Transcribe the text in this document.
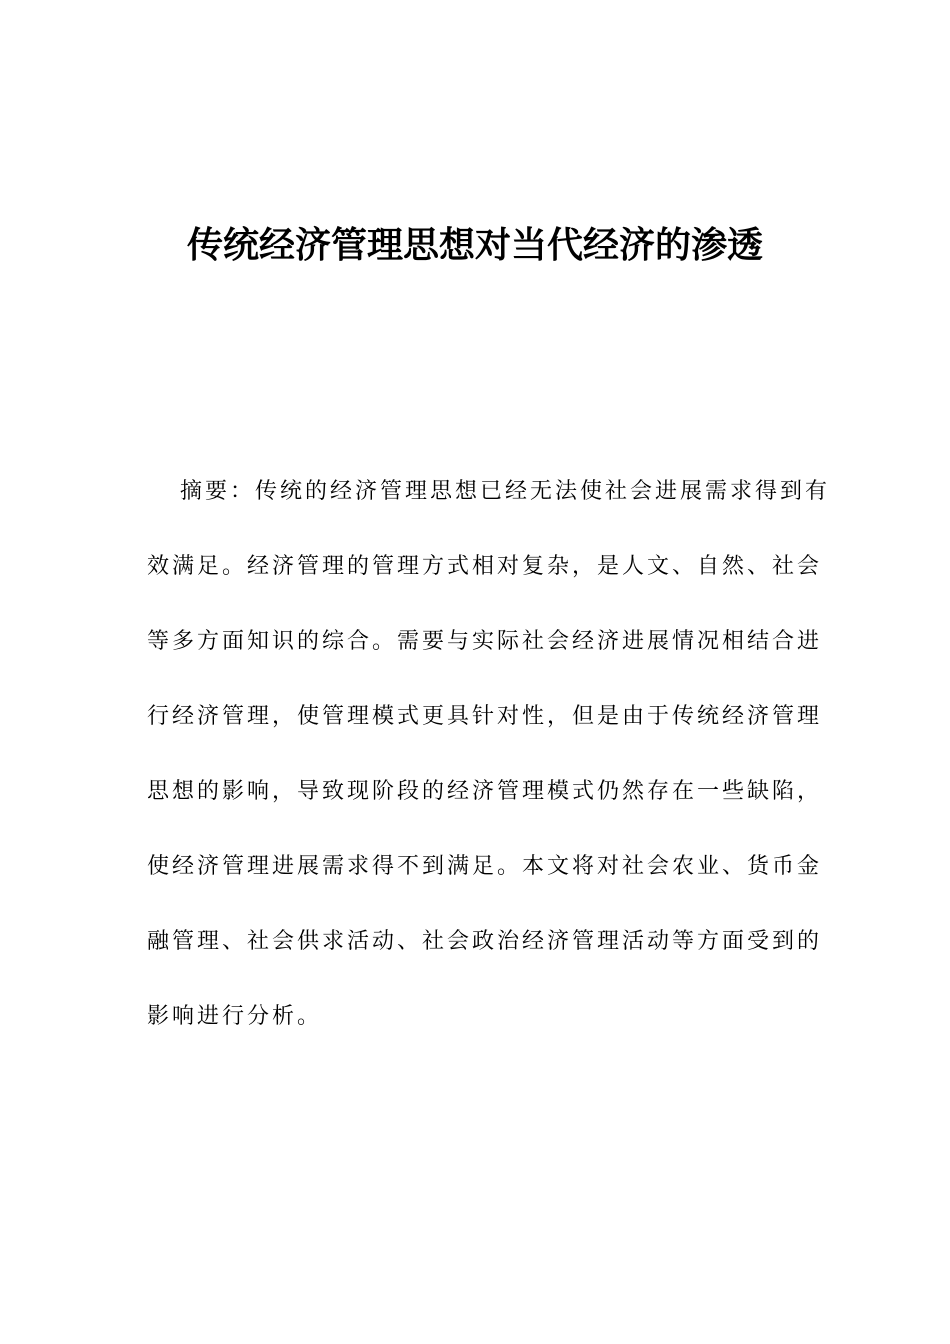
传统经济管理思想对当代经济的渗透
摘要：传统的经济管理思想已经无法使社会进展需求得到有
效满足。经济管理的管理方式相对复杂，是人文、自然、社会
等多方面知识的综合。需要与实际社会经济进展情况相结合进
行经济管理，使管理模式更具针对性，但是由于传统经济管理
思想的影响，导致现阶段的经济管理模式仍然存在一些缺陷，
使经济管理进展需求得不到满足。本文将对社会农业、货币金
融管理、社会供求活动、社会政治经济管理活动等方面受到的
影响进行分析。
